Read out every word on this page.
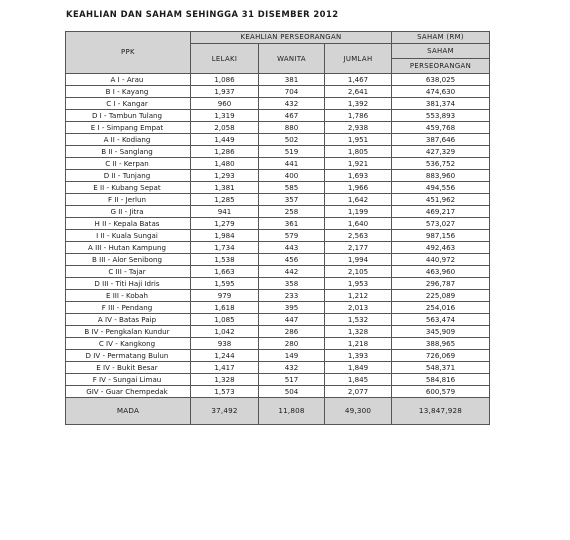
KEAHLIAN DAN SAHAM SEHINGGA 31 DISEMBER 2012
PPK	KEAHLIAN PERSEORANGAN			SAHAM (RM)
	LELAKI	WANITA	JUMLAH	SAHAM
				PERSEORANGAN
A I - Arau	1,086	381	1,467	638,025
B I - Kayang	1,937	704	2,641	474,630
C I - Kangar	960	432	1,392	381,374
D I - Tambun Tulang	1,319	467	1,786	553,893
E I - Simpang Empat	2,058	880	2,938	459,768
A II - Kodiang	1,449	502	1,951	387,646
B II - Sanglang	1,286	519	1,805	427,329
C II - Kerpan	1,480	441	1,921	536,752
D II - Tunjang	1,293	400	1,693	883,960
E II - Kubang Sepat	1,381	585	1,966	494,556
F II - Jerlun	1,285	357	1,642	451,962
G II - Jitra	941	258	1,199	469,217
H II - Kepala Batas	1,279	361	1,640	573,027
I II - Kuala Sungai	1,984	579	2,563	987,156
A III - Hutan Kampung	1,734	443	2,177	492,463
B III - Alor Senibong	1,538	456	1,994	440,972
C III - Tajar	1,663	442	2,105	463,960
D III - Titi Haji Idris	1,595	358	1,953	296,787
E III - Kobah	979	233	1,212	225,089
F III - Pendang	1,618	395	2,013	254,016
A IV - Batas Paip	1,085	447	1,532	563,474
B IV - Pengkalan Kundur	1,042	286	1,328	345,909
C IV - Kangkong	938	280	1,218	388,965
D IV - Permatang Bulun	1,244	149	1,393	726,069
E IV - Bukit Besar	1,417	432	1,849	548,371
F IV - Sungai Limau	1,328	517	1,845	584,816
GIV - Guar Chempedak	1,573	504	2,077	600,579
MADA	37,492	11,808	49,300	13,847,928
